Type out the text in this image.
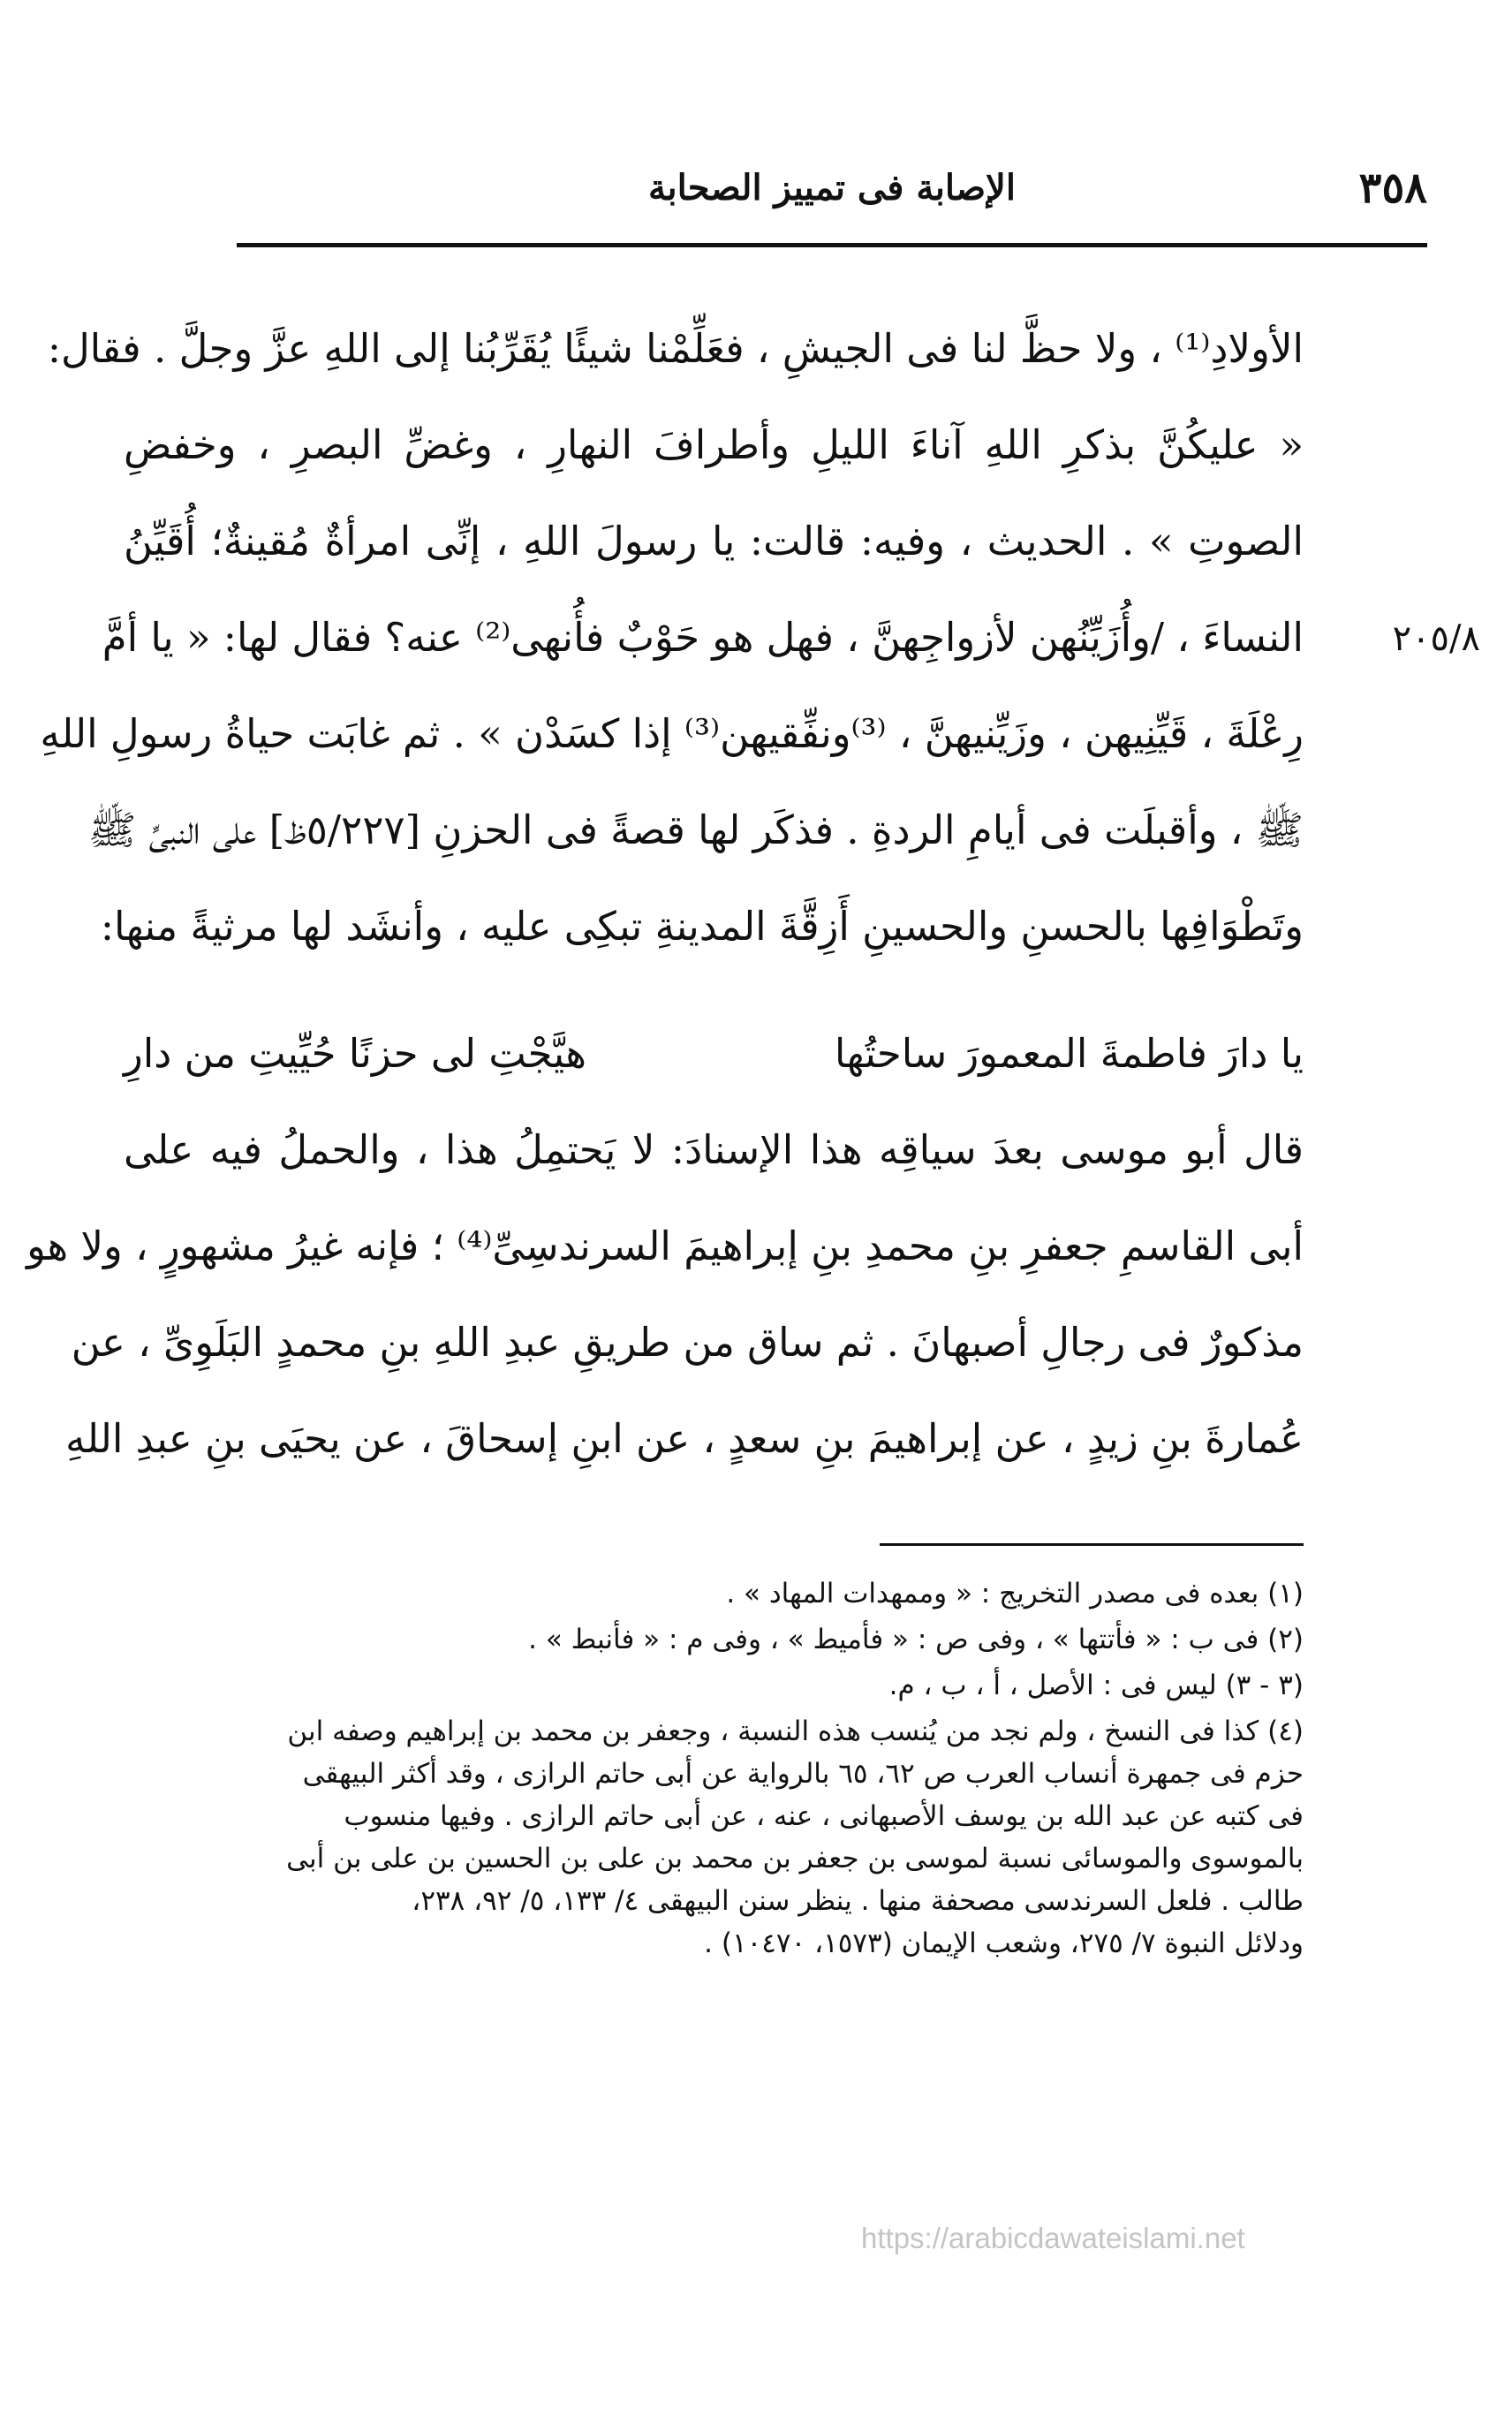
٣٥٨
الإصابة فى تمييز الصحابة
٢٠٥/٨
الأولادِ⁽¹⁾ ، ولا حظَّ لنا فى الجيشِ ، فعَلِّمْنا شيئًا يُقَرِّبُنا إلى اللهِ عزَّ وجلَّ . فقال:
« عليكُنَّ بذكرِ اللهِ آناءَ الليلِ وأطرافَ النهارِ ، وغضِّ البصرِ ، وخفضِ
الصوتِ » . الحديث ، وفيه: قالت: يا رسولَ اللهِ ، إنِّى امرأةٌ مُقينةٌ؛ أُقَيِّنُ
النساءَ ، /وأُزَيِّنُهن لأزواجِهنَّ ، فهل هو حَوْبٌ فأُنهى⁽²⁾ عنه؟ فقال لها: « يا أمَّ
رِعْلَةَ ، قَيِّنِيهن ، وزَيِّنيهنَّ ، ⁽³⁾ونفِّقيهن⁽³⁾ إذا كسَدْن » . ثم غابَت حياةُ رسولِ اللهِ
ﷺ ، وأقبلَت فى أيامِ الردةِ . فذكَر لها قصةً فى الحزنِ [٥/٢٢٧ظ] على النبىِّ ﷺ
وتَطْوَافِها بالحسنِ والحسينِ أَزِقَّةَ المدينةِ تبكِى عليه ، وأنشَد لها مرثيةً منها:
يا دارَ فاطمةَ المعمورَ ساحتُها
هيَّجْتِ لى حزنًا حُيِّيتِ من دارِ
قال أبو موسى بعدَ سياقِه هذا الإسنادَ: لا يَحتمِلُ هذا ، والحملُ فيه على
أبى القاسمِ جعفرِ بنِ محمدِ بنِ إبراهيمَ السرندسِىِّ⁽⁴⁾ ؛ فإنه غيرُ مشهورٍ ، ولا هو
مذكورٌ فى رجالِ أصبهانَ . ثم ساق من طريقِ عبدِ اللهِ بنِ محمدٍ البَلَوِىِّ ، عن
عُمارةَ بنِ زيدٍ ، عن إبراهيمَ بنِ سعدٍ ، عن ابنِ إسحاقَ ، عن يحيَى بنِ عبدِ اللهِ
(١) بعده فى مصدر التخريج : « وممهدات المهاد » .
(٢) فى ب : « فأتتها » ، وفى ص : « فأميط » ، وفى م : « فأنبط » .
(٣ - ٣) ليس فى : الأصل ، أ ، ب ، م.
(٤) كذا فى النسخ ، ولم نجد من يُنسب هذه النسبة ، وجعفر بن محمد بن إبراهيم وصفه ابن
حزم فى جمهرة أنساب العرب ص ٦٢، ٦٥ بالرواية عن أبى حاتم الرازى ، وقد أكثر البيهقى
فى كتبه عن عبد الله بن يوسف الأصبهانى ، عنه ، عن أبى حاتم الرازى . وفيها منسوب
بالموسوى والموسائى نسبة لموسى بن جعفر بن محمد بن على بن الحسين بن على بن أبى
طالب . فلعل السرندسى مصحفة منها . ينظر سنن البيهقى ٤/ ١٣٣، ٥/ ٩٢، ٢٣٨،
ودلائل النبوة ٧/ ٢٧٥، وشعب الإيمان (١٥٧٣، ١٠٤٧٠) .
https://arabicdawateislami.net
